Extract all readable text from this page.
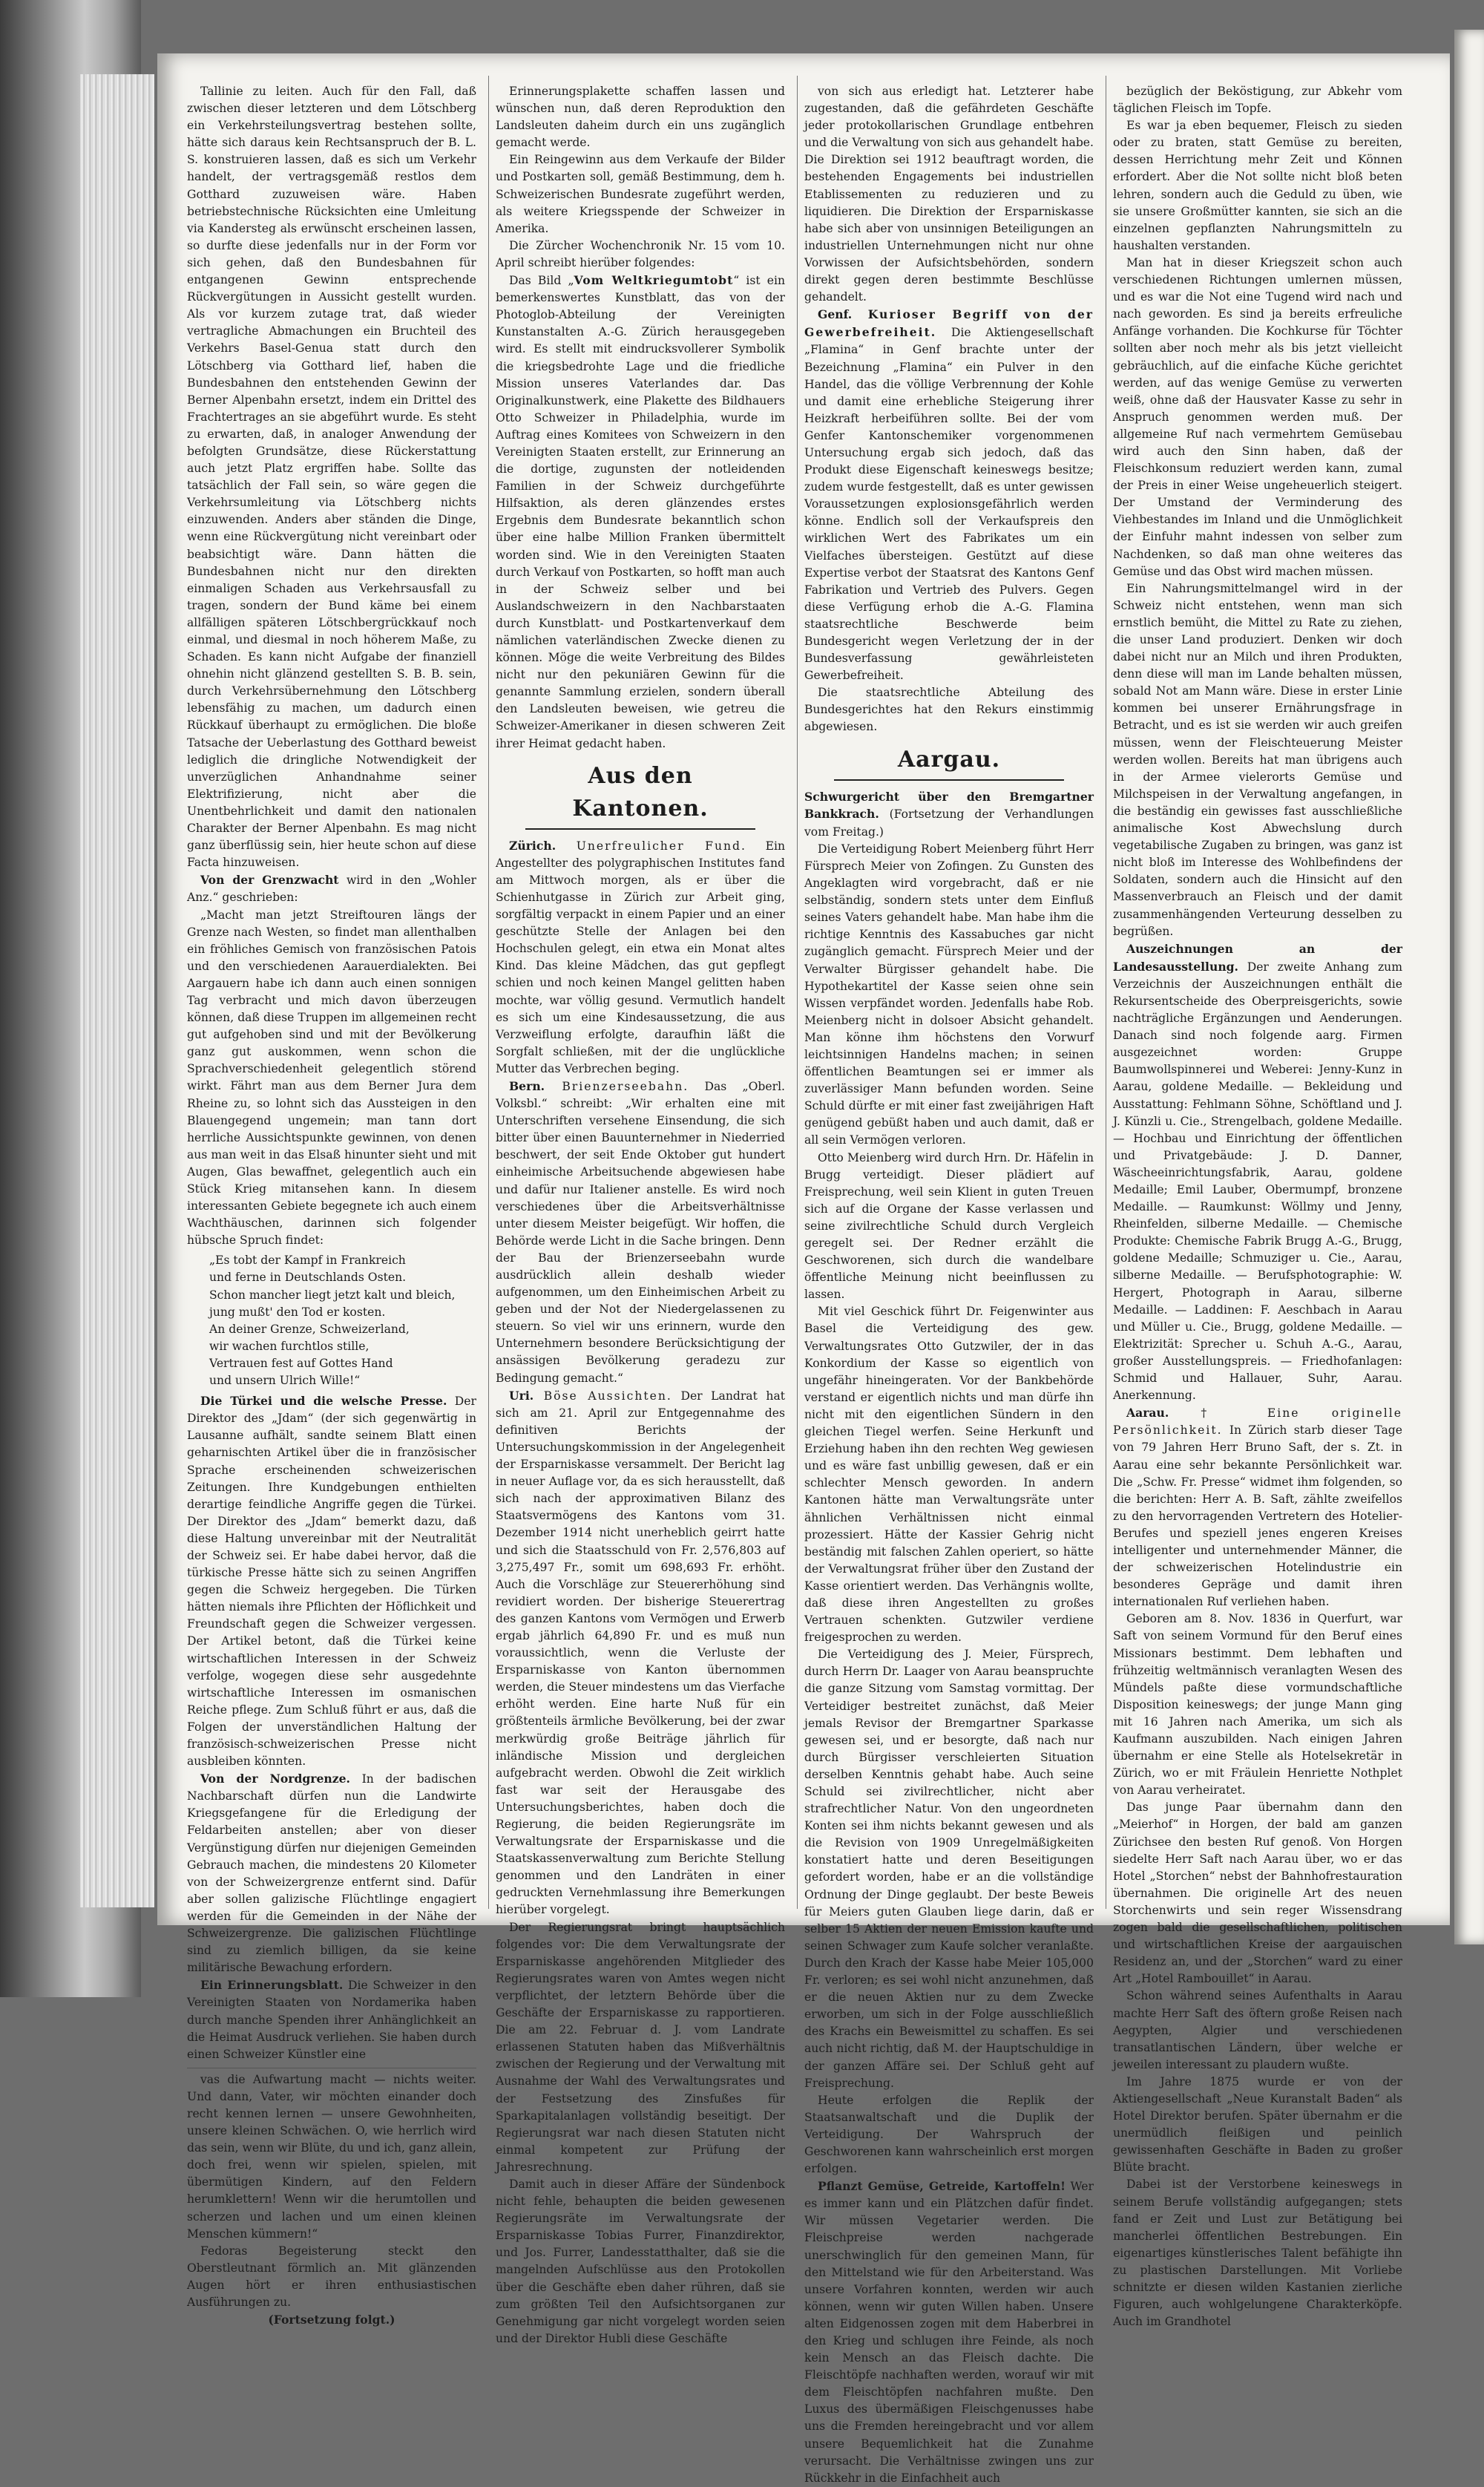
Tallinie zu leiten. Auch für den Fall, daß zwischen dieser letzteren und dem Lötschberg ein Verkehrsteilungsvertrag bestehen sollte, hätte sich daraus kein Rechtsanspruch der B. L. S. konstruieren lassen, daß es sich um Verkehr handelt, der vertragsgemäß restlos dem Gotthard zuzuweisen wäre. Haben betriebstechnische Rücksichten eine Umleitung via Kandersteg als erwünscht erscheinen lassen, so durfte diese jedenfalls nur in der Form vor sich gehen, daß den Bundesbahnen für entgangenen Gewinn entsprechende Rückvergütungen in Aussicht gestellt wurden. Als vor kurzem zutage trat, daß wieder vertragliche Abmachungen ein Bruchteil des Verkehrs Basel-Genua statt durch den Lötschberg via Gotthard lief, haben die Bundesbahnen den entstehenden Gewinn der Berner Alpenbahn ersetzt, indem ein Drittel des Frachtertrages an sie abgeführt wurde. Es steht zu erwarten, daß, in analoger Anwendung der befolgten Grundsätze, diese Rückerstattung auch jetzt Platz ergriffen habe. Sollte das tatsächlich der Fall sein, so wäre gegen die Verkehrsumleitung via Lötschberg nichts einzuwenden. Anders aber ständen die Dinge, wenn eine Rückvergütung nicht vereinbart oder beabsichtigt wäre. Dann hätten die Bundesbahnen nicht nur den direkten einmaligen Schaden aus Verkehrsausfall zu tragen, sondern der Bund käme bei einem allfälligen späteren Lötschbergrückkauf noch einmal, und diesmal in noch höherem Maße, zu Schaden. Es kann nicht Aufgabe der finanziell ohnehin nicht glänzend gestellten S. B. B. sein, durch Verkehrsübernehmung den Lötschberg lebensfähig zu machen, um dadurch einen Rückkauf überhaupt zu ermöglichen. Die bloße Tatsache der Ueberlastung des Gotthard beweist lediglich die dringliche Notwendigkeit der unverzüglichen Anhandnahme seiner Elektrifizierung, nicht aber die Unentbehrlichkeit und damit den nationalen Charakter der Berner Alpenbahn. Es mag nicht ganz überflüssig sein, hier heute schon auf diese Facta hinzuweisen.

Von der Grenzwacht wird in den „Wohler Anz.“ geschrieben:

„Macht man jetzt Streiftouren längs der Grenze nach Westen, so findet man allenthalben ein fröhliches Gemisch von französischen Patois und den verschiedenen Aarauerdialekten. Bei Aargauern habe ich dann auch einen sonnigen Tag verbracht und mich davon überzeugen können, daß diese Truppen im allgemeinen recht gut aufgehoben sind und mit der Bevölkerung ganz gut auskommen, wenn schon die Sprachverschiedenheit gelegentlich störend wirkt. Fährt man aus dem Berner Jura dem Rheine zu, so lohnt sich das Aussteigen in den Blauengegend ungemein; man tann dort herrliche Aussichtspunkte gewinnen, von denen aus man weit in das Elsaß hinunter sieht und mit Augen, Glas bewaffnet, gelegentlich auch ein Stück Krieg mitansehen kann. In diesem interessanten Gebiete begegnete ich auch einem Wachthäuschen, darinnen sich folgender hübsche Spruch findet:

„Es tobt der Kampf in Frankreich
und ferne in Deutschlands Osten.
Schon mancher liegt jetzt kalt und bleich,
jung mußt' den Tod er kosten.
An deiner Grenze, Schweizerland,
wir wachen furchtlos stille,
Vertrauen fest auf Gottes Hand
und unsern Ulrich Wille!“

Die Türkei und die welsche Presse. Der Direktor des „Jdam“ (der sich gegenwärtig in Lausanne aufhält, sandte seinem Blatt einen geharnischten Artikel über die in französischer Sprache erscheinenden schweizerischen Zeitungen. Ihre Kundgebungen enthielten derartige feindliche Angriffe gegen die Türkei. Der Direktor des „Jdam“ bemerkt dazu, daß diese Haltung unvereinbar mit der Neutralität der Schweiz sei. Er habe dabei hervor, daß die türkische Presse hätte sich zu seinen Angriffen gegen die Schweiz hergegeben. Die Türken hätten niemals ihre Pflichten der Höflichkeit und Freundschaft gegen die Schweizer vergessen. Der Artikel betont, daß die Türkei keine wirtschaftlichen Interessen in der Schweiz verfolge, wogegen diese sehr ausgedehnte wirtschaftliche Interessen im osmanischen Reiche pflege. Zum Schluß führt er aus, daß die Folgen der unverständlichen Haltung der französisch-schweizerischen Presse nicht ausbleiben könnten.

Von der Nordgrenze. In der badischen Nachbarschaft dürfen nun die Landwirte Kriegsgefangene für die Erledigung der Feldarbeiten anstellen; aber von dieser Vergünstigung dürfen nur diejenigen Gemeinden Gebrauch machen, die mindestens 20 Kilometer von der Schweizergrenze entfernt sind. Dafür aber sollen galizische Flüchtlinge engagiert werden für die Gemeinden in der Nähe der Schweizergrenze. Die galizischen Flüchtlinge sind zu ziemlich billigen, da sie keine militärische Bewachung erfordern.

Ein Erinnerungsblatt. Die Schweizer in den Vereinigten Staaten von Nordamerika haben durch manche Spenden ihrer Anhänglichkeit an die Heimat Ausdruck verliehen. Sie haben durch einen Schweizer Künstler eine

vas die Aufwartung macht — nichts weiter. Und dann, Vater, wir möchten einander doch recht kennen lernen — unsere Gewohnheiten, unsere kleinen Schwächen. O, wie herrlich wird das sein, wenn wir Blüte, du und ich, ganz allein, doch frei, wenn wir spielen, spielen, mit übermütigen Kindern, auf den Feldern herumklettern! Wenn wir die herumtollen und scherzen und lachen und um einen kleinen Menschen kümmern!“

Fedoras Begeisterung steckt den Oberstleutnant förmlich an. Mit glänzenden Augen hört er ihren enthusiastischen Ausführungen zu.

(Fortsetzung folgt.)

Erinnerungsplakette schaffen lassen und wünschen nun, daß deren Reproduktion den Landsleuten daheim durch ein uns zugänglich gemacht werde.

Ein Reingewinn aus dem Verkaufe der Bilder und Postkarten soll, gemäß Bestimmung, dem h. Schweizerischen Bundesrate zugeführt werden, als weitere Kriegsspende der Schweizer in Amerika.

Die Zürcher Wochenchronik Nr. 15 vom 10. April schreibt hierüber folgendes:

Das Bild „Vom Weltkriegumtobt“ ist ein bemerkenswertes Kunstblatt, das von der Photoglob-Abteilung der Vereinigten Kunstanstalten A.-G. Zürich herausgegeben wird. Es stellt mit eindrucksvollerer Symbolik die kriegsbedrohte Lage und die friedliche Mission unseres Vaterlandes dar. Das Originalkunstwerk, eine Plakette des Bildhauers Otto Schweizer in Philadelphia, wurde im Auftrag eines Komitees von Schweizern in den Vereinigten Staaten erstellt, zur Erinnerung an die dortige, zugunsten der notleidenden Familien in der Schweiz durchgeführte Hilfsaktion, als deren glänzendes erstes Ergebnis dem Bundesrate bekanntlich schon über eine halbe Million Franken übermittelt worden sind. Wie in den Vereinigten Staaten durch Verkauf von Postkarten, so hofft man auch in der Schweiz selber und bei Auslandschweizern in den Nachbarstaaten durch Kunstblatt- und Postkartenverkauf dem nämlichen vaterländischen Zwecke dienen zu können. Möge die weite Verbreitung des Bildes nicht nur den pekuniären Gewinn für die genannte Sammlung erzielen, sondern überall den Landsleuten beweisen, wie getreu die Schweizer-Amerikaner in diesen schweren Zeit ihrer Heimat gedacht haben.

Aus den Kantonen.

Zürich. Unerfreulicher Fund. Ein Angestellter des polygraphischen Institutes fand am Mittwoch morgen, als er über die Schienhutgasse in Zürich zur Arbeit ging, sorgfältig verpackt in einem Papier und an einer geschützte Stelle der Anlagen bei den Hochschulen gelegt, ein etwa ein Monat altes Kind. Das kleine Mädchen, das gut gepflegt schien und noch keinen Mangel gelitten haben mochte, war völlig gesund. Vermutlich handelt es sich um eine Kindesaussetzung, die aus Verzweiflung erfolgte, daraufhin läßt die Sorgfalt schließen, mit der die unglückliche Mutter das Verbrechen beging.

Bern. Brienzerseebahn. Das „Oberl. Volksbl.“ schreibt: „Wir erhalten eine mit Unterschriften versehene Einsendung, die sich bitter über einen Bauunternehmer in Niederried beschwert, der seit Ende Oktober gut hundert einheimische Arbeitsuchende abgewiesen habe und dafür nur Italiener anstelle. Es wird noch verschiedenes über die Arbeitsverhältnisse unter diesem Meister beigefügt. Wir hoffen, die Behörde werde Licht in die Sache bringen. Denn der Bau der Brienzerseebahn wurde ausdrücklich allein deshalb wieder aufgenommen, um den Einheimischen Arbeit zu geben und der Not der Niedergelassenen zu steuern. So viel wir uns erinnern, wurde den Unternehmern besondere Berücksichtigung der ansässigen Bevölkerung geradezu zur Bedingung gemacht.“

Uri. Böse Aussichten. Der Landrat hat sich am 21. April zur Entgegennahme des definitiven Berichts der Untersuchungskommission in der Angelegenheit der Ersparniskasse versammelt. Der Bericht lag in neuer Auflage vor, da es sich herausstellt, daß sich nach der approximativen Bilanz des Staatsvermögens des Kantons vom 31. Dezember 1914 nicht unerheblich geirrt hatte und sich die Staatsschuld von Fr. 2,576,803 auf 3,275,497 Fr., somit um 698,693 Fr. erhöht. Auch die Vorschläge zur Steuererhöhung sind revidiert worden. Der bisherige Steuerertrag des ganzen Kantons vom Vermögen und Erwerb ergab jährlich 64,890 Fr. und es muß nun voraussichtlich, wenn die Verluste der Ersparniskasse von Kanton übernommen werden, die Steuer mindestens um das Vierfache erhöht werden. Eine harte Nuß für ein größtenteils ärmliche Bevölkerung, bei der zwar merkwürdig große Beiträge jährlich für inländische Mission und dergleichen aufgebracht werden. Obwohl die Zeit wirklich fast war seit der Herausgabe des Untersuchungsberichtes, haben doch die Regierung, die beiden Regierungsräte im Verwaltungsrate der Ersparniskasse und die Staatskassenverwaltung zum Berichte Stellung genommen und den Landräten in einer gedruckten Vernehmlassung ihre Bemerkungen hierüber vorgelegt.

Der Regierungsrat bringt hauptsächlich folgendes vor: Die dem Verwaltungsrate der Ersparniskasse angehörenden Mitglieder des Regierungsrates waren von Amtes wegen nicht verpflichtet, der letztern Behörde über die Geschäfte der Ersparniskasse zu rapportieren. Die am 22. Februar d. J. vom Landrate erlassenen Statuten haben das Mißverhältnis zwischen der Regierung und der Verwaltung mit Ausnahme der Wahl des Verwaltungsrates und der Festsetzung des Zinsfußes für Sparkapitalanlagen vollständig beseitigt. Der Regierungsrat war nach diesen Statuten nicht einmal kompetent zur Prüfung der Jahresrechnung.

Damit auch in dieser Affäre der Sündenbock nicht fehle, behaupten die beiden gewesenen Regierungsräte im Verwaltungsrate der Ersparniskasse Tobias Furrer, Finanzdirektor, und Jos. Furrer, Landesstatthalter, daß sie die mangelnden Aufschlüsse aus den Protokollen über die Geschäfte eben daher rühren, daß sie zum größten Teil den Aufsichtsorganen zur Genehmigung gar nicht vorgelegt worden seien und der Direktor Hubli diese Geschäfte

von sich aus erledigt hat. Letzterer habe zugestanden, daß die gefährdeten Geschäfte jeder protokollarischen Grundlage entbehren und die Verwaltung von sich aus gehandelt habe. Die Direktion sei 1912 beauftragt worden, die bestehenden Engagements bei industriellen Etablissementen zu reduzieren und zu liquidieren. Die Direktion der Ersparniskasse habe sich aber von unsinnigen Beteiligungen an industriellen Unternehmungen nicht nur ohne Vorwissen der Aufsichtsbehörden, sondern direkt gegen deren bestimmte Beschlüsse gehandelt.

Genf. Kurioser Begriff von der Gewerbefreiheit. Die Aktiengesellschaft „Flamina“ in Genf brachte unter der Bezeichnung „Flamina“ ein Pulver in den Handel, das die völlige Verbrennung der Kohle und damit eine erhebliche Steigerung ihrer Heizkraft herbeiführen sollte. Bei der vom Genfer Kantonschemiker vorgenommenen Untersuchung ergab sich jedoch, daß das Produkt diese Eigenschaft keineswegs besitze; zudem wurde festgestellt, daß es unter gewissen Voraussetzungen explosionsgefährlich werden könne. Endlich soll der Verkaufspreis den wirklichen Wert des Fabrikates um ein Vielfaches übersteigen. Gestützt auf diese Expertise verbot der Staatsrat des Kantons Genf Fabrikation und Vertrieb des Pulvers. Gegen diese Verfügung erhob die A.-G. Flamina staatsrechtliche Beschwerde beim Bundesgericht wegen Verletzung der in der Bundesverfassung gewährleisteten Gewerbefreiheit.

Die staatsrechtliche Abteilung des Bundesgerichtes hat den Rekurs einstimmig abgewiesen.

Aargau.

Schwurgericht über den Bremgartner Bankkrach. (Fortsetzung der Verhandlungen vom Freitag.)

Die Verteidigung Robert Meienberg führt Herr Fürsprech Meier von Zofingen. Zu Gunsten des Angeklagten wird vorgebracht, daß er nie selbständig, sondern stets unter dem Einfluß seines Vaters gehandelt habe. Man habe ihm die richtige Kenntnis des Kassabuches gar nicht zugänglich gemacht. Fürsprech Meier und der Verwalter Bürgisser gehandelt habe. Die Hypothekartitel der Kasse seien ohne sein Wissen verpfändet worden. Jedenfalls habe Rob. Meienberg nicht in dolsoer Absicht gehandelt. Man könne ihm höchstens den Vorwurf leichtsinnigen Handelns machen; in seinen öffentlichen Beamtungen sei er immer als zuverlässiger Mann befunden worden. Seine Schuld dürfte er mit einer fast zweijährigen Haft genügend gebüßt haben und auch damit, daß er all sein Vermögen verloren.

Otto Meienberg wird durch Hrn. Dr. Häfelin in Brugg verteidigt. Dieser plädiert auf Freisprechung, weil sein Klient in guten Treuen sich auf die Organe der Kasse verlassen und seine zivilrechtliche Schuld durch Vergleich geregelt sei. Der Redner erzählt die Geschworenen, sich durch die wandelbare öffentliche Meinung nicht beeinflussen zu lassen.

Mit viel Geschick führt Dr. Feigenwinter aus Basel die Verteidigung des gew. Verwaltungsrates Otto Gutzwiler, der in das Konkordium der Kasse so eigentlich von ungefähr hineingeraten. Vor der Bankbehörde verstand er eigentlich nichts und man dürfe ihn nicht mit den eigentlichen Sündern in den gleichen Tiegel werfen. Seine Herkunft und Erziehung haben ihn den rechten Weg gewiesen und es wäre fast unbillig gewesen, daß er ein schlechter Mensch geworden. In andern Kantonen hätte man Verwaltungsräte unter ähnlichen Verhältnissen nicht einmal prozessiert. Hätte der Kassier Gehrig nicht beständig mit falschen Zahlen operiert, so hätte der Verwaltungsrat früher über den Zustand der Kasse orientiert werden. Das Verhängnis wollte, daß diese ihren Angestellten zu großes Vertrauen schenkten. Gutzwiler verdiene freigesprochen zu werden.

Die Verteidigung des J. Meier, Fürsprech, durch Herrn Dr. Laager von Aarau beanspruchte die ganze Sitzung vom Samstag vormittag. Der Verteidiger bestreitet zunächst, daß Meier jemals Revisor der Bremgartner Sparkasse gewesen sei, und er besorgte, daß nach nur durch Bürgisser verschleierten Situation derselben Kenntnis gehabt habe. Auch seine Schuld sei zivilrechtlicher, nicht aber strafrechtlicher Natur. Von den ungeordneten Konten sei ihm nichts bekannt gewesen und als die Revision von 1909 Unregelmäßigkeiten konstatiert hatte und deren Beseitigungen gefordert worden, habe er an die vollständige Ordnung der Dinge geglaubt. Der beste Beweis für Meiers guten Glauben liege darin, daß er selber 15 Aktien der neuen Emission kaufte und seinen Schwager zum Kaufe solcher veranlaßte. Durch den Krach der Kasse habe Meier 105,000 Fr. verloren; es sei wohl nicht anzunehmen, daß er die neuen Aktien nur zu dem Zwecke erworben, um sich in der Folge ausschließlich des Krachs ein Beweismittel zu schaffen. Es sei auch nicht richtig, daß M. der Hauptschuldige in der ganzen Affäre sei. Der Schluß geht auf Freisprechung.

Heute erfolgen die Replik der Staatsanwaltschaft und die Duplik der Verteidigung. Der Wahrspruch der Geschworenen kann wahrscheinlich erst morgen erfolgen.

Pflanzt Gemüse, Getreide, Kartoffeln! Wer es immer kann und ein Plätzchen dafür findet. Wir müssen Vegetarier werden. Die Fleischpreise werden nachgerade unerschwinglich für den gemeinen Mann, für den Mittelstand wie für den Arbeiterstand. Was unsere Vorfahren konnten, werden wir auch können, wenn wir guten Willen haben. Unsere alten Eidgenossen zogen mit dem Haberbrei in den Krieg und schlugen ihre Feinde, als noch kein Mensch an das Fleisch dachte. Die Fleischtöpfe nachhaften werden, worauf wir mit dem Fleischtöpfen nachfahren mußte. Den Luxus des übermäßigen Fleischgenusses habe uns die Fremden hereingebracht und vor allem unsere Bequemlichkeit hat die Zunahme verursacht. Die Verhältnisse zwingen uns zur Rückkehr in die Einfachheit auch

bezüglich der Beköstigung, zur Abkehr vom täglichen Fleisch im Topfe.

Es war ja eben bequemer, Fleisch zu sieden oder zu braten, statt Gemüse zu bereiten, dessen Herrichtung mehr Zeit und Können erfordert. Aber die Not sollte nicht bloß beten lehren, sondern auch die Geduld zu üben, wie sie unsere Großmütter kannten, sie sich an die einzelnen gepflanzten Nahrungsmitteln zu haushalten verstanden.

Man hat in dieser Kriegszeit schon auch verschiedenen Richtungen umlernen müssen, und es war die Not eine Tugend wird nach und nach geworden. Es sind ja bereits erfreuliche Anfänge vorhanden. Die Kochkurse für Töchter sollten aber noch mehr als bis jetzt vielleicht gebräuchlich, auf die einfache Küche gerichtet werden, auf das wenige Gemüse zu verwerten weiß, ohne daß der Hausvater Kasse zu sehr in Anspruch genommen werden muß. Der allgemeine Ruf nach vermehrtem Gemüsebau wird auch den Sinn haben, daß der Fleischkonsum reduziert werden kann, zumal der Preis in einer Weise ungeheuerlich steigert. Der Umstand der Verminderung des Viehbestandes im Inland und die Unmöglichkeit der Einfuhr mahnt indessen von selber zum Nachdenken, so daß man ohne weiteres das Gemüse und das Obst wird machen müssen.

Ein Nahrungsmittelmangel wird in der Schweiz nicht entstehen, wenn man sich ernstlich bemüht, die Mittel zu Rate zu ziehen, die unser Land produziert. Denken wir doch dabei nicht nur an Milch und ihren Produkten, denn diese will man im Lande behalten müssen, sobald Not am Mann wäre. Diese in erster Linie kommen bei unserer Ernährungsfrage in Betracht, und es ist sie werden wir auch greifen müssen, wenn der Fleischteuerung Meister werden wollen. Bereits hat man übrigens auch in der Armee vielerorts Gemüse und Milchspeisen in der Verwaltung angefangen, in die beständig ein gewisses fast ausschließliche animalische Kost Abwechslung durch vegetabilische Zugaben zu bringen, was ganz ist nicht bloß im Interesse des Wohlbefindens der Soldaten, sondern auch die Hinsicht auf den Massenverbrauch an Fleisch und der damit zusammenhängenden Verteurung desselben zu begrüßen.

Auszeichnungen an der Landesausstellung. Der zweite Anhang zum Verzeichnis der Auszeichnungen enthält die Rekursentscheide des Oberpreisgerichts, sowie nachträgliche Ergänzungen und Aenderungen. Danach sind noch folgende aarg. Firmen ausgezeichnet worden: Gruppe Baumwollspinnerei und Weberei: Jenny-Kunz in Aarau, goldene Medaille. — Bekleidung und Ausstattung: Fehlmann Söhne, Schöftland und J. J. Künzli u. Cie., Strengelbach, goldene Medaille. — Hochbau und Einrichtung der öffentlichen und Privatgebäude: J. D. Danner, Wäscheeinrichtungsfabrik, Aarau, goldene Medaille; Emil Lauber, Obermumpf, bronzene Medaille. — Raumkunst: Wöllmy und Jenny, Rheinfelden, silberne Medaille. — Chemische Produkte: Chemische Fabrik Brugg A.-G., Brugg, goldene Medaille; Schmuziger u. Cie., Aarau, silberne Medaille. — Berufsphotographie: W. Hergert, Photograph in Aarau, silberne Medaille. — Laddinen: F. Aeschbach in Aarau und Müller u. Cie., Brugg, goldene Medaille. — Elektrizität: Sprecher u. Schuh A.-G., Aarau, großer Ausstellungspreis. — Friedhofanlagen: Schmid und Hallauer, Suhr, Aarau. Anerkennung.

Aarau. † Eine originelle Persönlichkeit. In Zürich starb dieser Tage von 79 Jahren Herr Bruno Saft, der s. Zt. in Aarau eine sehr bekannte Persönlichkeit war. Die „Schw. Fr. Presse“ widmet ihm folgenden, so die berichten: Herr A. B. Saft, zählte zweifellos zu den hervorragenden Vertretern des Hotelier-Berufes und speziell jenes engeren Kreises intelligenter und unternehmender Männer, die der schweizerischen Hotelindustrie ein besonderes Gepräge und damit ihren internationalen Ruf verliehen haben.

Geboren am 8. Nov. 1836 in Querfurt, war Saft von seinem Vormund für den Beruf eines Missionars bestimmt. Dem lebhaften und frühzeitig weltmännisch veranlagten Wesen des Mündels paßte diese vormundschaftliche Disposition keineswegs; der junge Mann ging mit 16 Jahren nach Amerika, um sich als Kaufmann auszubilden. Nach einigen Jahren übernahm er eine Stelle als Hotelsekretär in Zürich, wo er mit Fräulein Henriette Nothplet von Aarau verheiratet.

Das junge Paar übernahm dann den „Meierhof“ in Horgen, der bald am ganzen Zürichsee den besten Ruf genoß. Von Horgen siedelte Herr Saft nach Aarau über, wo er das Hotel „Storchen“ nebst der Bahnhofrestauration übernahmen. Die originelle Art des neuen Storchenwirts und sein reger Wissensdrang zogen bald die gesellschaftlichen, politischen und wirtschaftlichen Kreise der aargauischen Residenz an, und der „Storchen“ ward zu einer Art „Hotel Rambouillet“ in Aarau.

Schon während seines Aufenthalts in Aarau machte Herr Saft des öftern große Reisen nach Aegypten, Algier und verschiedenen transatlantischen Ländern, über welche er jeweilen interessant zu plaudern wußte.

Im Jahre 1875 wurde er von der Aktiengesellschaft „Neue Kuranstalt Baden“ als Hotel Direktor berufen. Später übernahm er die unermüdlich fleißigen und peinlich gewissenhaften Geschäfte in Baden zu großer Blüte bracht.

Dabei ist der Verstorbene keineswegs in seinem Berufe vollständig aufgegangen; stets fand er Zeit und Lust zur Betätigung bei mancherlei öffentlichen Bestrebungen. Ein eigenartiges künstlerisches Talent befähigte ihn zu plastischen Darstellungen. Mit Vorliebe schnitzte er diesen wilden Kastanien zierliche Figuren, auch wohlgelungene Charakterköpfe. Auch im Grandhotel
